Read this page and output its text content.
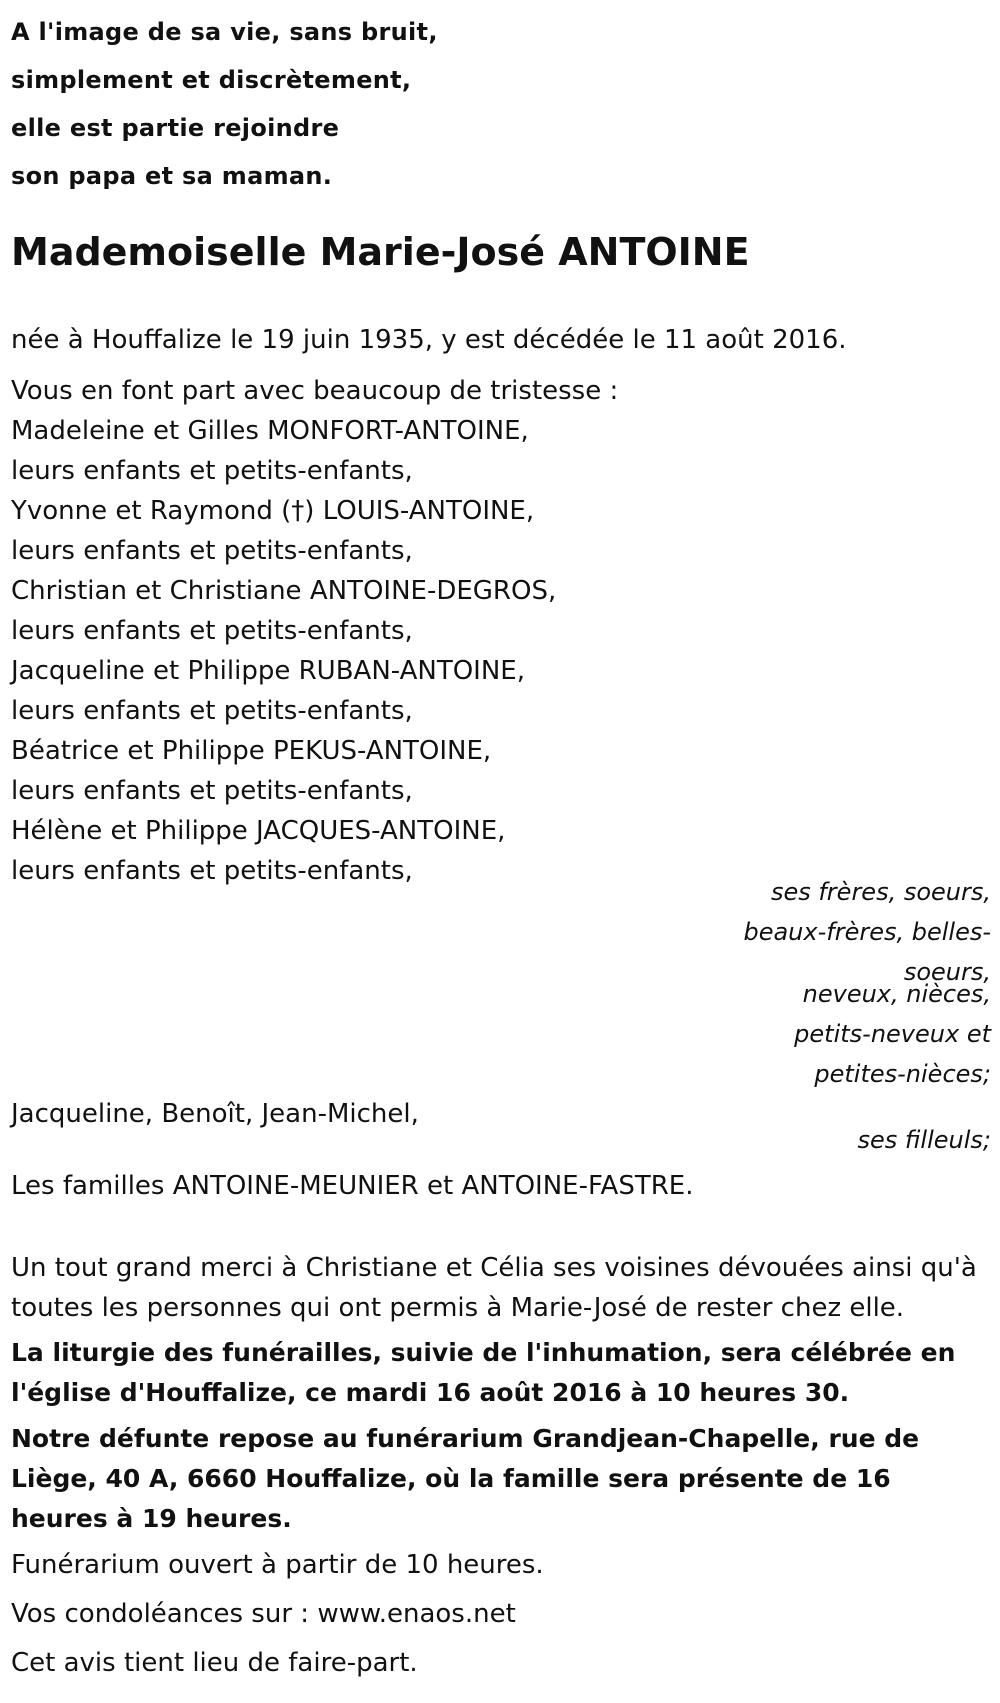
A l'image de sa vie, sans bruit,
simplement et discrètement,
elle est partie rejoindre
son papa et sa maman.
Mademoiselle Marie-José ANTOINE
née à Houffalize le 19 juin 1935, y est décédée le 11 août 2016.
Vous en font part avec beaucoup de tristesse :
Madeleine et Gilles MONFORT-ANTOINE,
leurs enfants et petits-enfants,
Yvonne et Raymond (†) LOUIS-ANTOINE,
leurs enfants et petits-enfants,
Christian et Christiane ANTOINE-DEGROS,
leurs enfants et petits-enfants,
Jacqueline et Philippe RUBAN-ANTOINE,
leurs enfants et petits-enfants,
Béatrice et Philippe PEKUS-ANTOINE,
leurs enfants et petits-enfants,
Hélène et Philippe JACQUES-ANTOINE,
leurs enfants et petits-enfants,
ses frères, soeurs,
beaux-frères, belles-
soeurs,
neveux, nièces,
petits-neveux et
petites-nièces;
Jacqueline, Benoît, Jean-Michel,
ses filleuls;
Les familles ANTOINE-MEUNIER et ANTOINE-FASTRE.
Un tout grand merci à Christiane et Célia ses voisines dévouées ainsi qu'à toutes les personnes qui ont permis à Marie-José de rester chez elle.
La liturgie des funérailles, suivie de l'inhumation, sera célébrée en l'église d'Houffalize, ce mardi 16 août 2016 à 10 heures 30.
Notre défunte repose au funérarium Grandjean-Chapelle, rue de Liège, 40 A, 6660 Houffalize, où la famille sera présente de 16 heures à 19 heures.
Funérarium ouvert à partir de 10 heures.
Vos condoléances sur : www.enaos.net
Cet avis tient lieu de faire-part.
